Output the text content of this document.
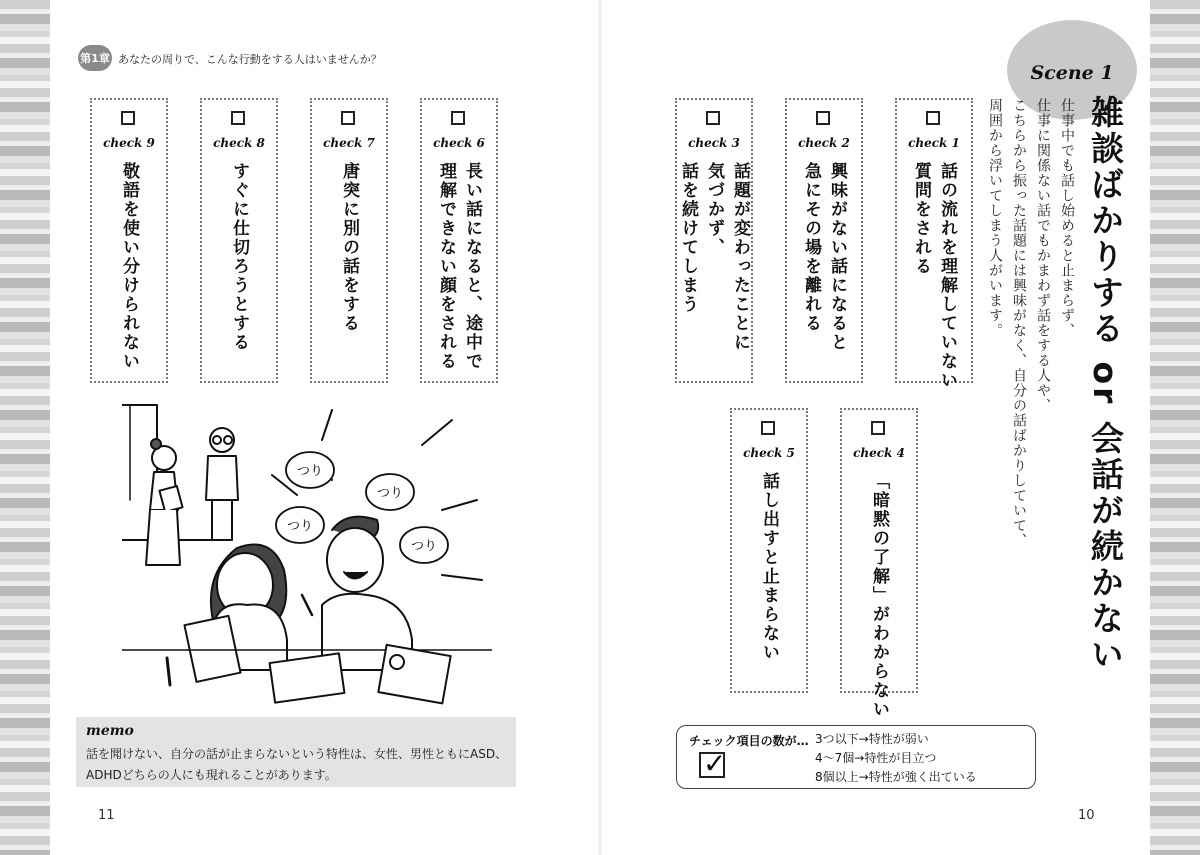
第1章 あなたの周りで、こんな行動をする人はいませんか？
check 9
敬語を使い分けられない
check 8
すぐに仕切ろうとする
check 7
唐突に別の話をする
check 6
長い話になると、途中で
理解できない顔をされる
check 3
話題が変わったことに
気づかず、
話を続けてしまう
check 2
興味がない話になると
急にその場を離れる
check 1
話の流れを理解していない
質問をされる
check 5
話し出すと止まらない
check 4
「暗黙の了解」がわからない
Scene 1
雑談ばかりする or 会話が続かない
仕事中でも話し始めると止まらず、
仕事に関係ない話でもかまわず話をする人や、
こちらから振った話題には興味がなく、自分の話ばかりしていて、
周囲から浮いてしまう人がいます。
つり
つり
つり
つり
memo
話を聞けない、自分の話が止まらないという特性は、女性、男性ともにASD、ADHDどちらの人にも現れることがあります。
チェック項目の数が…
✓
3つ以下→特性が弱い
4〜7個→特性が目立つ
8個以上→特性が強く出ている
11	10
